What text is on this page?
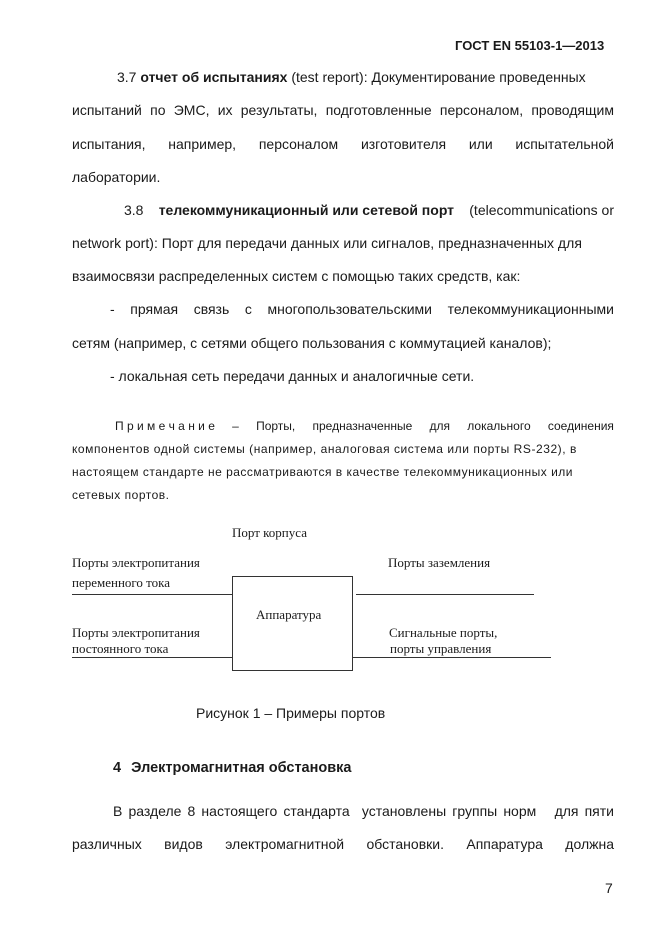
ГОСТ EN 55103-1—2013
3.7 отчет об испытаниях (test report): Документирование проведенных
испытаний по ЭМС, их результаты, подготовленные персоналом, проводящим
испытания, например, персоналом изготовителя или испытательной
лаборатории.
3.8 телекоммуникационный или сетевой порт (telecommunications or
network port): Порт для передачи данных или сигналов, предназначенных для
взаимосвязи распределенных систем с помощью таких средств, как:
- прямая связь с многопользовательскими телекоммуникационными
сетям (например, с сетями общего пользования с коммутацией каналов);
- локальная сеть передачи данных и аналогичные сети.
П р и м е ч а н и е – Порты, предназначенные для локального соединения
компонентов одной системы (например, аналоговая система или порты RS-232), в
настоящем стандарте не рассматриваются в качестве телекоммуникационных или
сетевых портов.
Порт корпуса
Порты электропитания
переменного тока
Порты заземления
Порты электропитания
постоянного тока
Сигнальные порты,
порты управления
Аппаратура
Рисунок 1 – Примеры портов
4 Электромагнитная обстановка
В разделе 8 настоящего стандарта  установлены группы норм   для пяти
различных видов электромагнитной обстановки. Аппаратура должна
7
